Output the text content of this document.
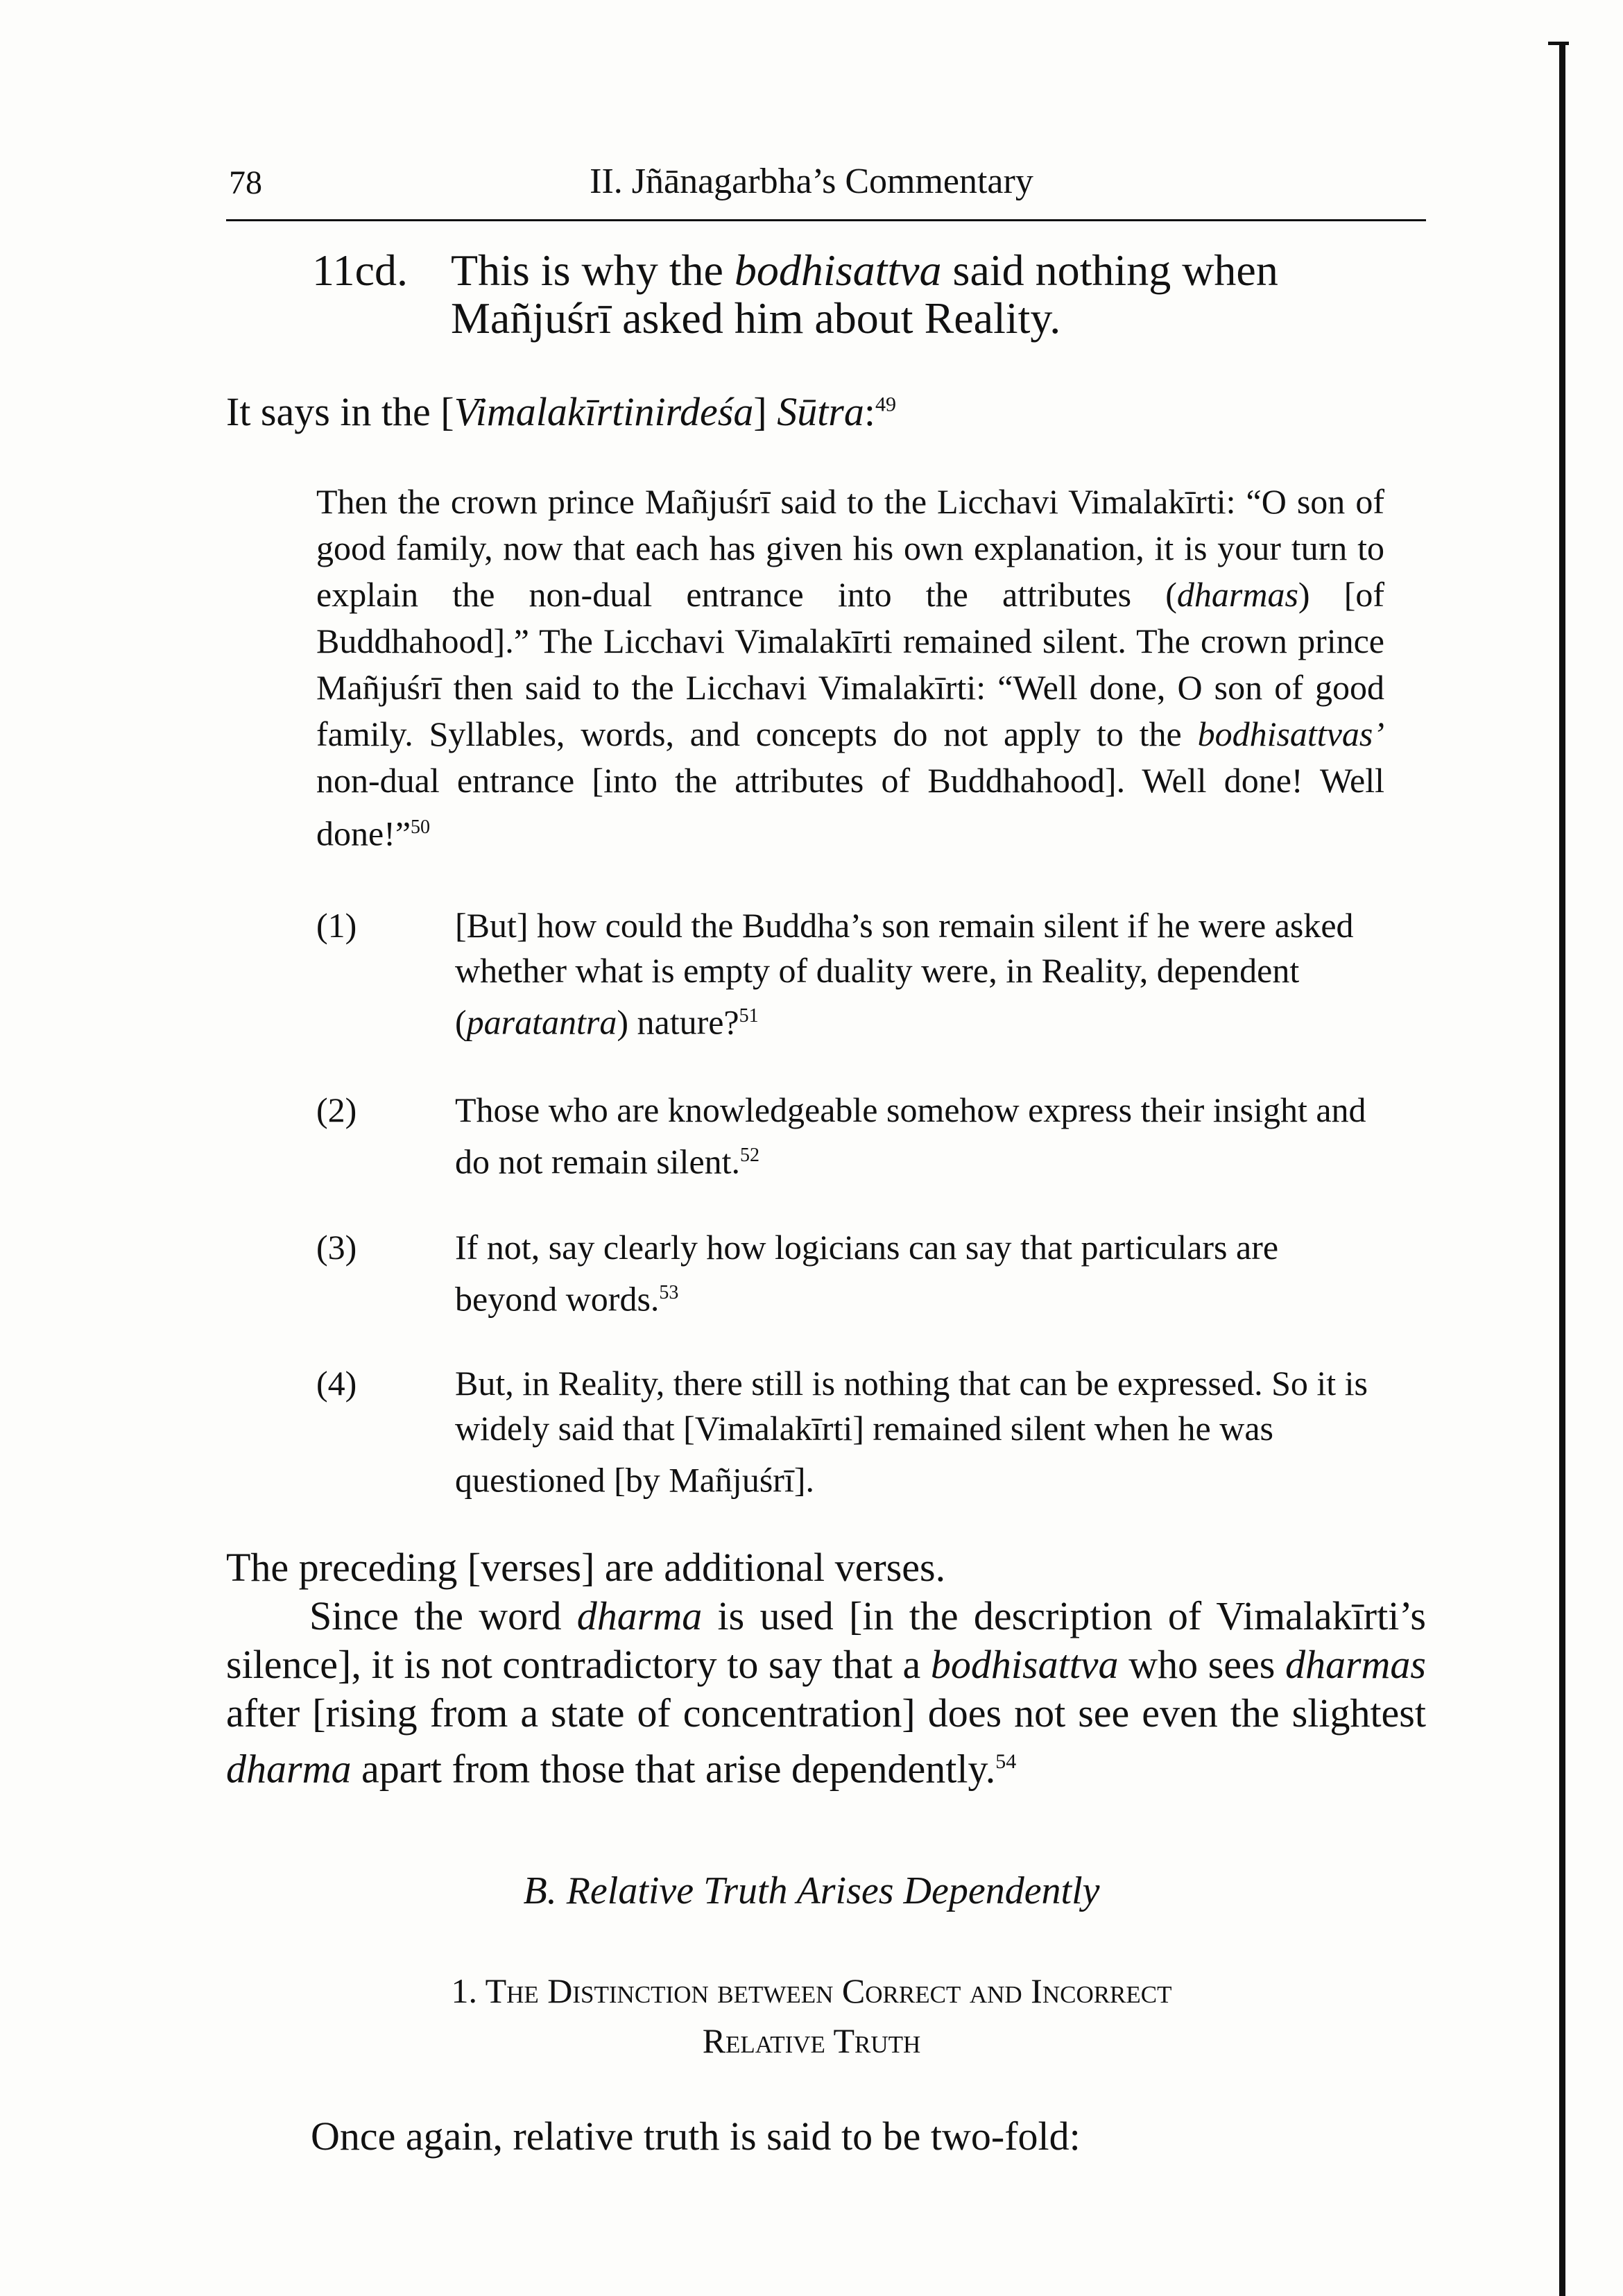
78	II. Jñānagarbha’s Commentary
11cd. This is why the bodhisattva said nothing when
Mañjuśrī asked him about Reality.
It says in the [Vimalakīrtinirdeśa] Sūtra:$^{49}$
Then the crown prince Mañjuśrī said to the Licchavi Vimalakīrti: “O son of good family, now that each has given his own explanation, it is your turn to explain the non-dual entrance into the attributes (dharmas) [of Buddhahood].” The Licchavi Vimalakīrti remained silent. The crown prince Mañjuśrī then said to the Licchavi Vimalakīrti: “Well done, O son of good family. Syllables, words, and concepts do not apply to the bodhisattvas’ non-dual entrance [into the attributes of Buddhahood]. Well done! Well done!”$^{50}$
(1)	[But] how could the Buddha’s son remain silent if he were asked whether what is empty of duality were, in Reality, dependent (paratantra) nature?$^{51}$
(2)	Those who are knowledgeable somehow express their insight and do not remain silent.$^{52}$
(3)	If not, say clearly how logicians can say that particulars are beyond words.$^{53}$
(4)	But, in Reality, there still is nothing that can be expressed. So it is widely said that [Vimalakīrti] remained silent when he was questioned [by Mañjuśrī].
The preceding [verses] are additional verses.
Since the word dharma is used [in the description of Vimalakīrti’s silence], it is not contradictory to say that a bodhisattva who sees dharmas after [rising from a state of concentration] does not see even the slightest dharma apart from those that arise dependently.$^{54}$
B. Relative Truth Arises Dependently
1. The Distinction between Correct and Incorrect
Relative Truth
Once again, relative truth is said to be two-fold:
